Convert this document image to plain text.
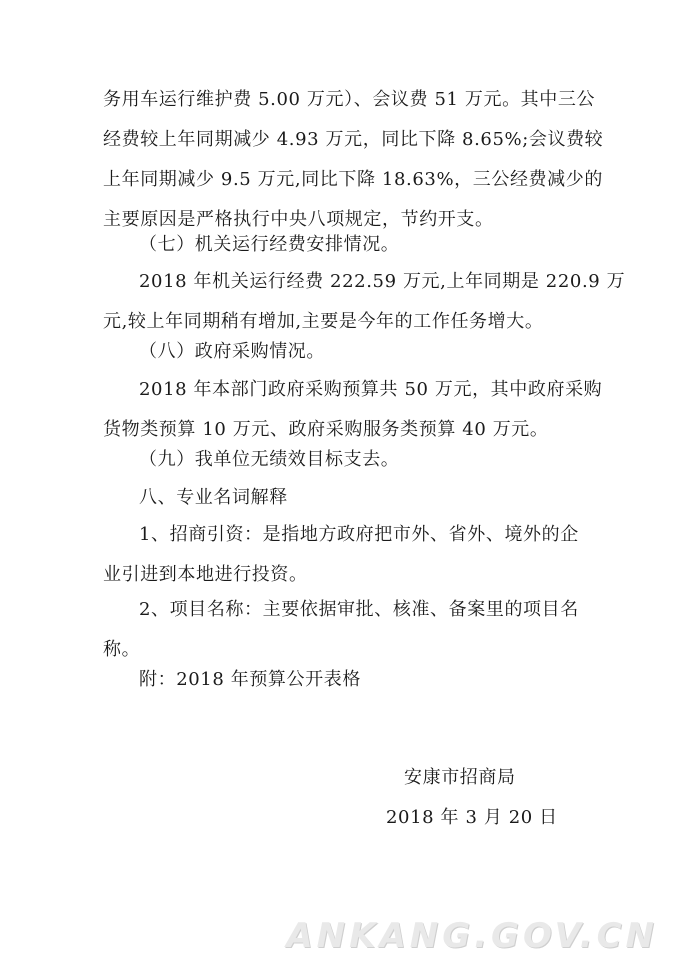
务用车运行维护费 5.00 万元）、会议费 51 万元。其中三公
经费较上年同期减少 4.93 万元，同比下降 8.65%;会议费较
上年同期减少 9.5 万元,同比下降 18.63%，三公经费减少的
主要原因是严格执行中央八项规定，节约开支。

（七）机关运行经费安排情况。

2018 年机关运行经费 222.59 万元,上年同期是 220.9 万
元,较上年同期稍有增加,主要是今年的工作任务增大。

（八）政府采购情况。

2018 年本部门政府采购预算共 50 万元，其中政府采购
货物类预算 10 万元、政府采购服务类预算 40 万元。

（九）我单位无绩效目标支去。

八、专业名词解释

1、招商引资：是指地方政府把市外、省外、境外的企
业引进到本地进行投资。

2、项目名称：主要依据审批、核准、备案里的项目名
称。

附：2018 年预算公开表格

安康市招商局
2018 年 3 月 20 日
ANKANG.GOV.CN
